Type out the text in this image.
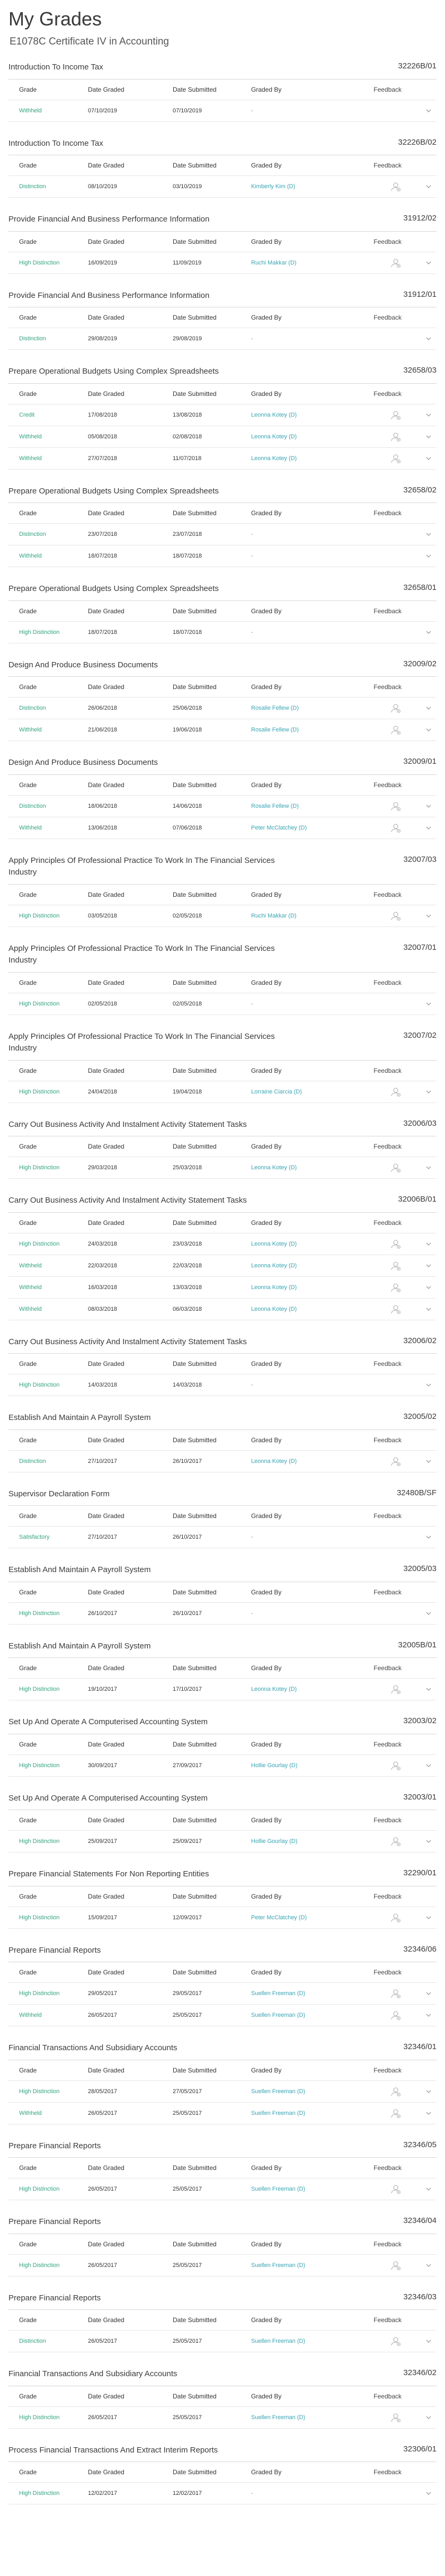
My Grades
E1078C Certificate IV in Accounting
Introduction To Income Tax	32226B/01
Grade	Date Graded	Date Submitted	Graded By	Feedback
Withheld	07/10/2019	07/10/2019	-
Introduction To Income Tax	32226B/02
Grade	Date Graded	Date Submitted	Graded By	Feedback
Distinction	08/10/2019	03/10/2019	Kimberly Kim (D)
Provide Financial And Business Performance Information	31912/02
Grade	Date Graded	Date Submitted	Graded By	Feedback
High Distinction	16/09/2019	11/09/2019	Ruchi Makkar (D)
Provide Financial And Business Performance Information	31912/01
Grade	Date Graded	Date Submitted	Graded By	Feedback
Distinction	29/08/2019	29/08/2019	-
Prepare Operational Budgets Using Complex Spreadsheets	32658/03
Grade	Date Graded	Date Submitted	Graded By	Feedback
Credit	17/08/2018	13/08/2018	Leonna Kotey (D)
Withheld	05/08/2018	02/08/2018	Leonna Kotey (D)
Withheld	27/07/2018	11/07/2018	Leonna Kotey (D)
Prepare Operational Budgets Using Complex Spreadsheets	32658/02
Grade	Date Graded	Date Submitted	Graded By	Feedback
Distinction	23/07/2018	23/07/2018	-
Withheld	18/07/2018	18/07/2018	-
Prepare Operational Budgets Using Complex Spreadsheets	32658/01
Grade	Date Graded	Date Submitted	Graded By	Feedback
High Distinction	18/07/2018	18/07/2018	-
Design And Produce Business Documents	32009/02
Grade	Date Graded	Date Submitted	Graded By	Feedback
Distinction	26/06/2018	25/06/2018	Rosalie Fellew (D)
Withheld	21/06/2018	19/06/2018	Rosalie Fellew (D)
Design And Produce Business Documents	32009/01
Grade	Date Graded	Date Submitted	Graded By	Feedback
Distinction	18/06/2018	14/06/2018	Rosalie Fellew (D)
Withheld	13/06/2018	07/06/2018	Peter McClatchey (D)
Apply Principles Of Professional Practice To Work In The Financial Services Industry
32007/03
Grade	Date Graded	Date Submitted	Graded By	Feedback
High Distinction	03/05/2018	02/05/2018	Ruchi Makkar (D)
Apply Principles Of Professional Practice To Work In The Financial Services Industry
32007/01
Grade	Date Graded	Date Submitted	Graded By	Feedback
High Distinction	02/05/2018	02/05/2018	-
Apply Principles Of Professional Practice To Work In The Financial Services Industry
32007/02
Grade	Date Graded	Date Submitted	Graded By	Feedback
High Distinction	24/04/2018	19/04/2018	Lorraine Ciarcia (D)
Carry Out Business Activity And Instalment Activity Statement Tasks	32006/03
Grade	Date Graded	Date Submitted	Graded By	Feedback
High Distinction	29/03/2018	25/03/2018	Leonna Kotey (D)
Carry Out Business Activity And Instalment Activity Statement Tasks	32006B/01
Grade	Date Graded	Date Submitted	Graded By	Feedback
High Distinction	24/03/2018	23/03/2018	Leonna Kotey (D)
Withheld	22/03/2018	22/03/2018	Leonna Kotey (D)
Withheld	16/03/2018	13/03/2018	Leonna Kotey (D)
Withheld	08/03/2018	06/03/2018	Leonna Kotey (D)
Carry Out Business Activity And Instalment Activity Statement Tasks	32006/02
Grade	Date Graded	Date Submitted	Graded By	Feedback
High Distinction	14/03/2018	14/03/2018	-
Establish And Maintain A Payroll System	32005/02
Grade	Date Graded	Date Submitted	Graded By	Feedback
Distinction	27/10/2017	26/10/2017	Leonna Kotey (D)
Supervisor Declaration Form	32480B/SF
Grade	Date Graded	Date Submitted	Graded By	Feedback
Satisfactory	27/10/2017	26/10/2017	-
Establish And Maintain A Payroll System	32005/03
Grade	Date Graded	Date Submitted	Graded By	Feedback
High Distinction	26/10/2017	26/10/2017	-
Establish And Maintain A Payroll System	32005B/01
Grade	Date Graded	Date Submitted	Graded By	Feedback
High Distinction	19/10/2017	17/10/2017	Leonna Kotey (D)
Set Up And Operate A Computerised Accounting System	32003/02
Grade	Date Graded	Date Submitted	Graded By	Feedback
High Distinction	30/09/2017	27/09/2017	Hollie Gourlay (D)
Set Up And Operate A Computerised Accounting System	32003/01
Grade	Date Graded	Date Submitted	Graded By	Feedback
High Distinction	25/09/2017	25/09/2017	Hollie Gourlay (D)
Prepare Financial Statements For Non Reporting Entities	32290/01
Grade	Date Graded	Date Submitted	Graded By	Feedback
High Distinction	15/09/2017	12/09/2017	Peter McClatchey (D)
Prepare Financial Reports	32346/06
Grade	Date Graded	Date Submitted	Graded By	Feedback
High Distinction	29/05/2017	29/05/2017	Suellen Freeman (D)
Withheld	26/05/2017	25/05/2017	Suellen Freeman (D)
Financial Transactions And Subsidiary Accounts	32346/01
Grade	Date Graded	Date Submitted	Graded By	Feedback
High Distinction	28/05/2017	27/05/2017	Suellen Freeman (D)
Withheld	26/05/2017	25/05/2017	Suellen Freeman (D)
Prepare Financial Reports	32346/05
Grade	Date Graded	Date Submitted	Graded By	Feedback
High Distinction	26/05/2017	25/05/2017	Suellen Freeman (D)
Prepare Financial Reports	32346/04
Grade	Date Graded	Date Submitted	Graded By	Feedback
High Distinction	26/05/2017	25/05/2017	Suellen Freeman (D)
Prepare Financial Reports	32346/03
Grade	Date Graded	Date Submitted	Graded By	Feedback
Distinction	26/05/2017	25/05/2017	Suellen Freeman (D)
Financial Transactions And Subsidiary Accounts	32346/02
Grade	Date Graded	Date Submitted	Graded By	Feedback
High Distinction	26/05/2017	25/05/2017	Suellen Freeman (D)
Process Financial Transactions And Extract Interim Reports	32306/01
Grade	Date Graded	Date Submitted	Graded By	Feedback
High Distinction	12/02/2017	12/02/2017	-
